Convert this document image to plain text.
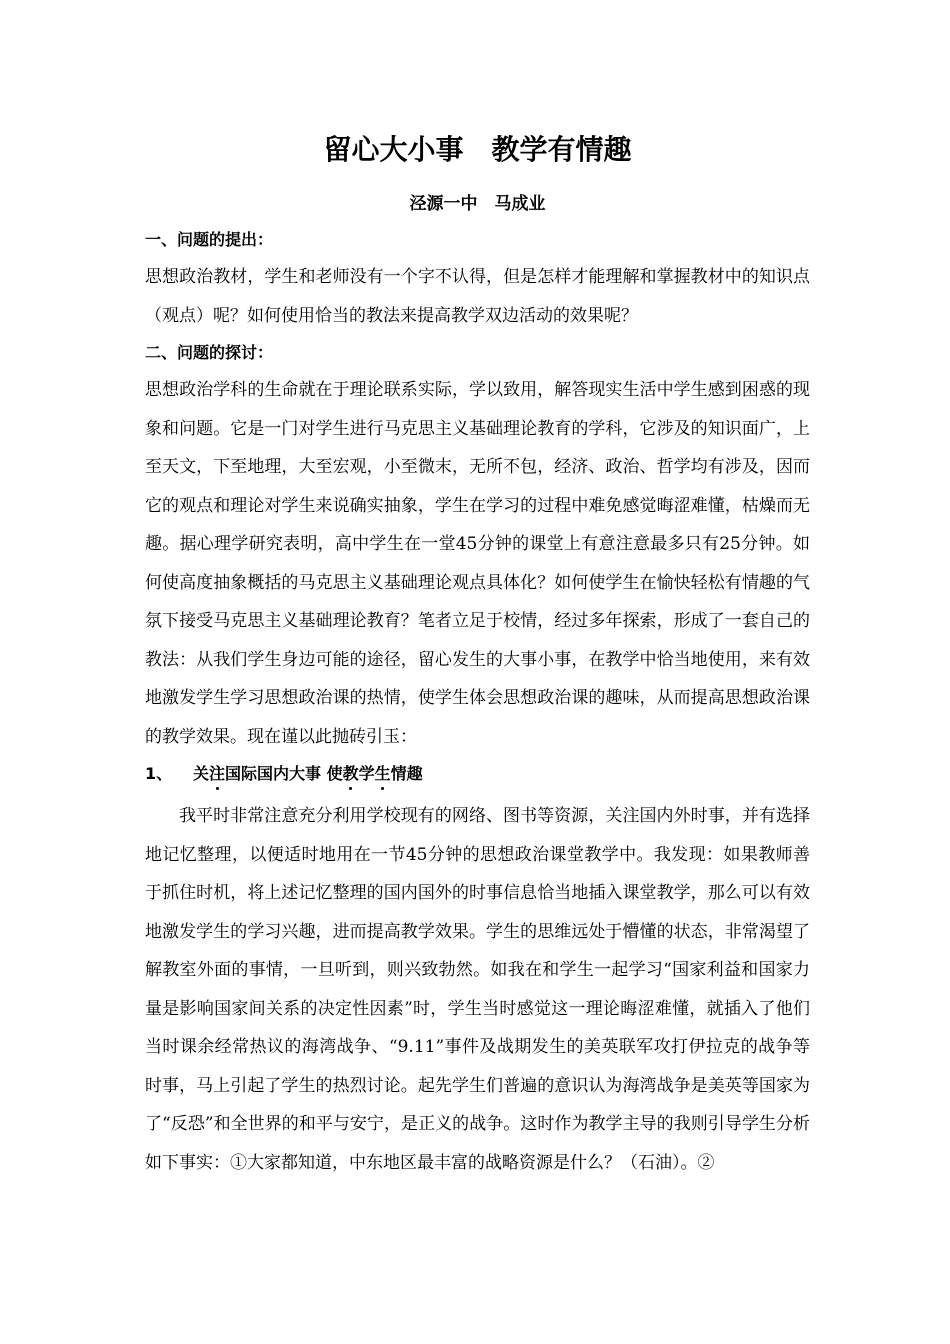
留心大小事　教学有情趣
泾源一中　马成业
一、问题的提出：

思想政治教材，学生和老师没有一个字不认得，但是怎样才能理解和掌握教材中的知识点（观点）呢？如何使用恰当的教法来提高教学双边活动的效果呢？

二、问题的探讨：

思想政治学科的生命就在于理论联系实际，学以致用，解答现实生活中学生感到困惑的现象和问题。它是一门对学生进行马克思主义基础理论教育的学科，它涉及的知识面广，上至天文，下至地理，大至宏观，小至微末，无所不包，经济、政治、哲学均有涉及，因而它的观点和理论对学生来说确实抽象，学生在学习的过程中难免感觉晦涩难懂，枯燥而无趣。据心理学研究表明，高中学生在一堂45分钟的课堂上有意注意最多只有25分钟。如何使高度抽象概括的马克思主义基础理论观点具体化？如何使学生在愉快轻松有情趣的气氛下接受马克思主义基础理论教育？笔者立足于校情，经过多年探索，形成了一套自己的教法：从我们学生身边可能的途径，留心发生的大事小事，在教学中恰当地使用，来有效地激发学生学习思想政治课的热情，使学生体会思想政治课的趣味，从而提高思想政治课的教学效果。现在谨以此抛砖引玉：

1、	关注国际国内大事 使教学生情趣

我平时非常注意充分利用学校现有的网络、图书等资源，关注国内外时事，并有选择地记忆整理，以便适时地用在一节45分钟的思想政治课堂教学中。我发现：如果教师善于抓住时机，将上述记忆整理的国内国外的时事信息恰当地插入课堂教学，那么可以有效地激发学生的学习兴趣，进而提高教学效果。学生的思维远处于懵懂的状态，非常渴望了解教室外面的事情，一旦听到，则兴致勃然。如我在和学生一起学习“国家利益和国家力量是影响国家间关系的决定性因素”时，学生当时感觉这一理论晦涩难懂，就插入了他们当时课余经常热议的海湾战争、“9.11”事件及战期发生的美英联军攻打伊拉克的战争等时事，马上引起了学生的热烈讨论。起先学生们普遍的意识认为海湾战争是美英等国家为了“反恐”和全世界的和平与安宁，是正义的战争。这时作为教学主导的我则引导学生分析如下事实：①大家都知道，中东地区最丰富的战略资源是什么？（石油）。②
